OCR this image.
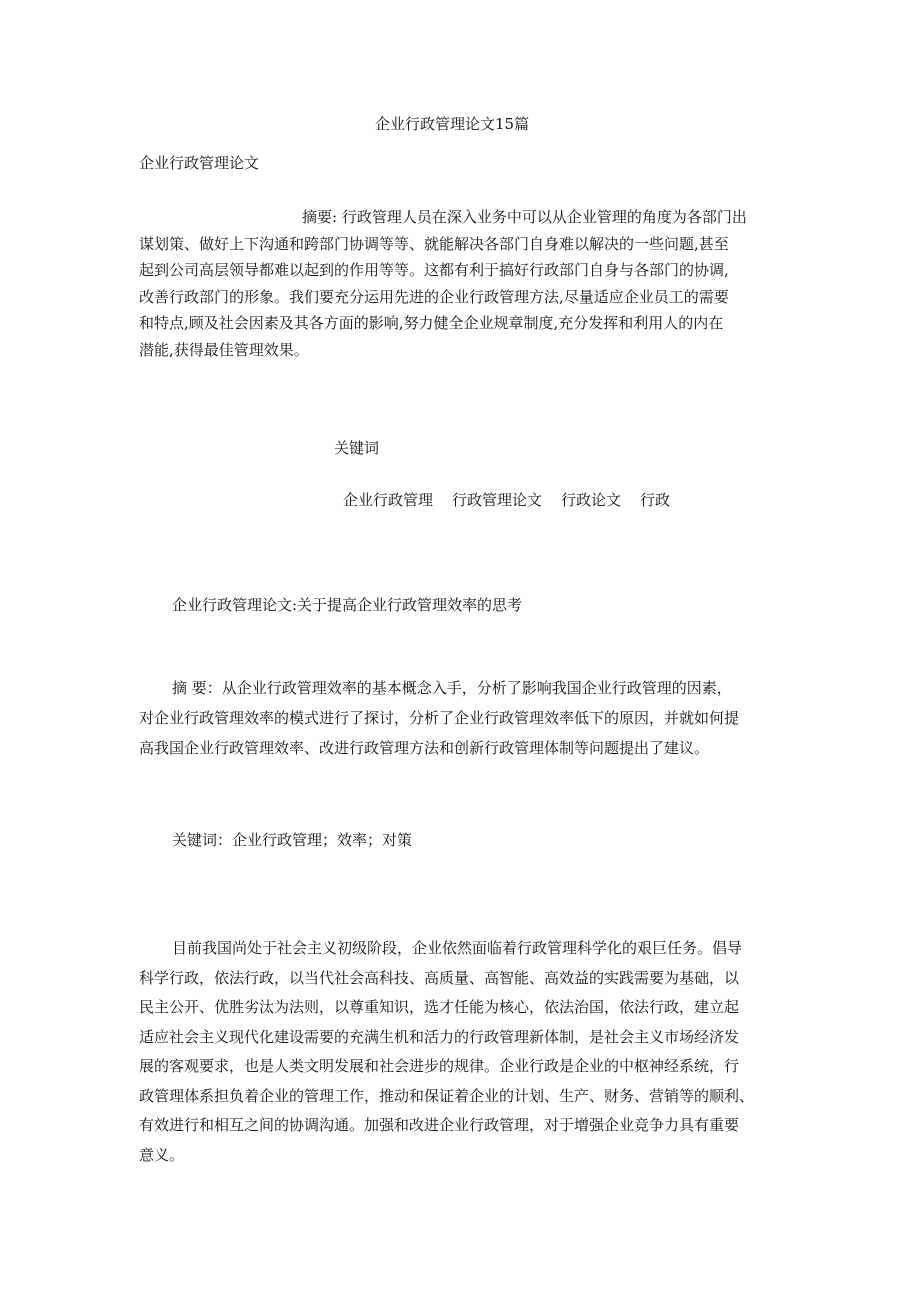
企业行政管理论文15篇
企业行政管理论文
摘要: 行政管理人员在深入业务中可以从企业管理的角度为各部门出
谋划策、做好上下沟通和跨部门协调等等、就能解决各部门自身难以解决的一些问题,甚至
起到公司高层领导都难以起到的作用等等。这都有利于搞好行政部门自身与各部门的协调,
改善行政部门的形象。我们要充分运用先进的企业行政管理方法,尽量适应企业员工的需要
和特点,顾及社会因素及其各方面的影响,努力健全企业规章制度,充分发挥和利用人的内在
潜能,获得最佳管理效果。
关键词
企业行政管理 行政管理论文 行政论文 行政
企业行政管理论文:关于提高企业行政管理效率的思考
摘 要：从企业行政管理效率的基本概念入手，分析了影响我国企业行政管理的因素，
对企业行政管理效率的模式进行了探讨，分析了企业行政管理效率低下的原因，并就如何提
高我国企业行政管理效率、改进行政管理方法和创新行政管理体制等问题提出了建议。
关键词：企业行政管理；效率；对策
目前我国尚处于社会主义初级阶段，企业依然面临着行政管理科学化的艰巨任务。倡导
科学行政，依法行政，以当代社会高科技、高质量、高智能、高效益的实践需要为基础，以
民主公开、优胜劣汰为法则，以尊重知识，选才任能为核心，依法治国，依法行政，建立起
适应社会主义现代化建设需要的充满生机和活力的行政管理新体制，是社会主义市场经济发
展的客观要求，也是人类文明发展和社会进步的规律。企业行政是企业的中枢神经系统，行
政管理体系担负着企业的管理工作，推动和保证着企业的计划、生产、财务、营销等的顺利、
有效进行和相互之间的协调沟通。加强和改进企业行政管理，对于增强企业竞争力具有重要
意义。
